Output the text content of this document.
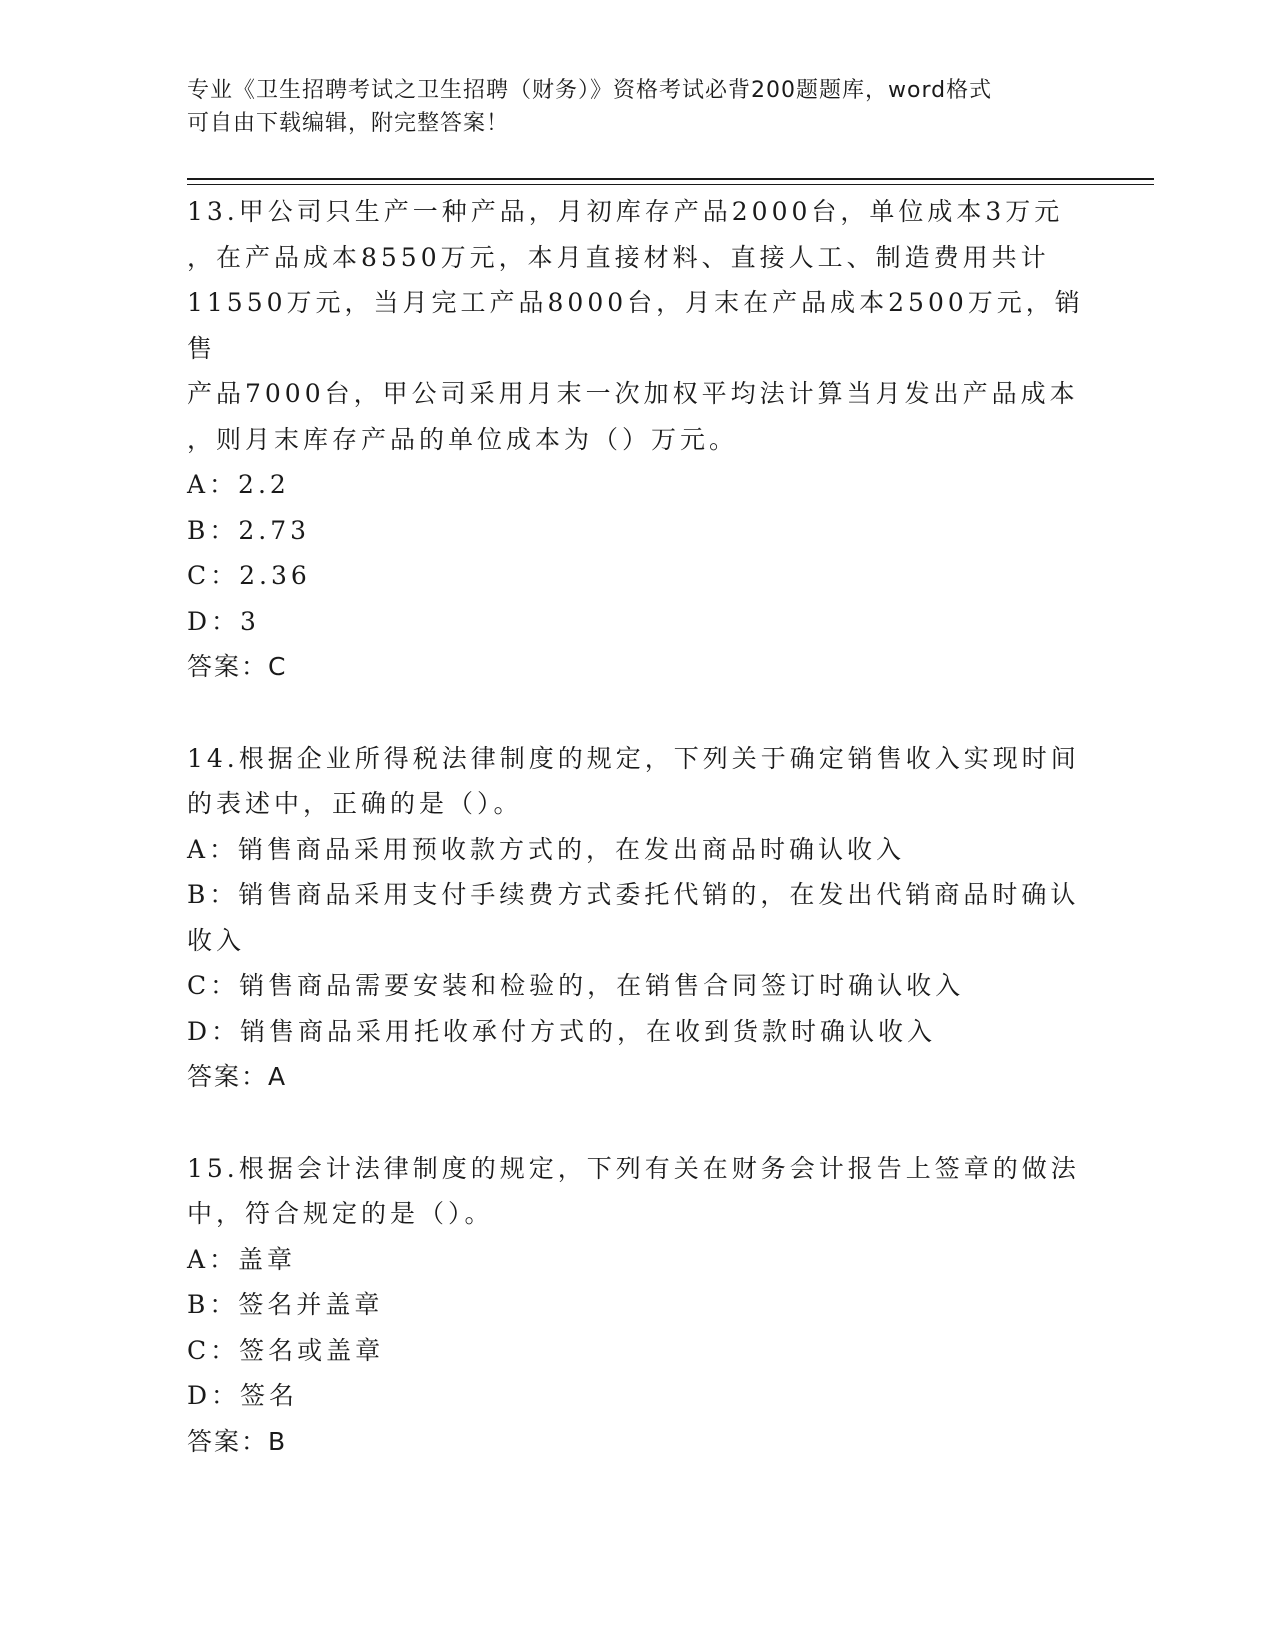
专业《卫生招聘考试之卫生招聘（财务）》资格考试必背200题题库，word格式
可自由下载编辑，附完整答案！

13.甲公司只生产一种产品，月初库存产品2000台，单位成本3万元

，在产品成本8550万元，本月直接材料、直接人工、制造费用共计

11550万元，当月完工产品8000台，月末在产品成本2500万元，销售

产品7000台，甲公司采用月末一次加权平均法计算当月发出产品成本

，则月末库存产品的单位成本为（）万元。

A：2.2

B：2.73

C：2.36

D：3

答案：C

14.根据企业所得税法律制度的规定，下列关于确定销售收入实现时间

的表述中，正确的是（）。

A：销售商品采用预收款方式的，在发出商品时确认收入

B：销售商品采用支付手续费方式委托代销的，在发出代销商品时确认

收入

C：销售商品需要安装和检验的，在销售合同签订时确认收入

D：销售商品采用托收承付方式的，在收到货款时确认收入

答案：A

15.根据会计法律制度的规定，下列有关在财务会计报告上签章的做法

中，符合规定的是（）。

A：盖章

B：签名并盖章

C：签名或盖章

D：签名

答案：B
